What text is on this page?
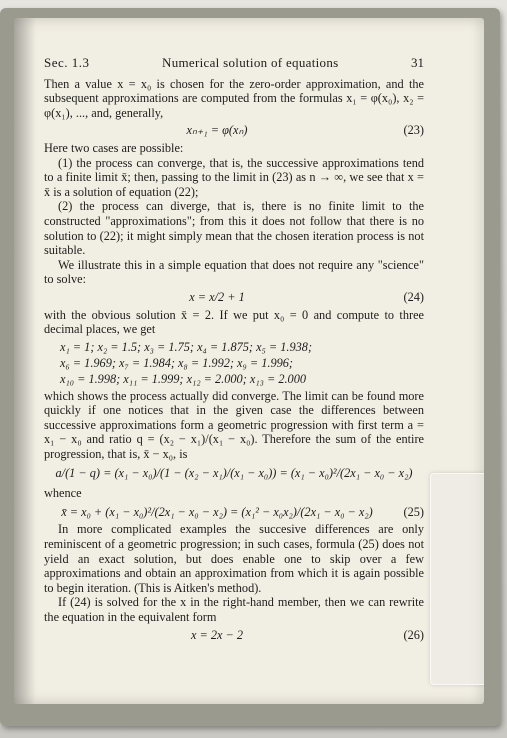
Sec. 1.3	Numerical solution of equations	31

Then a value x = x₀ is chosen for the zero-order approximation, and the subsequent approximations are computed from the formulas x₁ = φ(x₀), x₂ = φ(x₁), ..., and, generally,

xₙ₊₁ = φ(xₙ)	(23)

Here two cases are possible:

(1) the process can converge, that is, the successive approximations tend to a finite limit x̄; then, passing to the limit in (23) as n → ∞, we see that x = x̄ is a solution of equation (22);

(2) the process can diverge, that is, there is no finite limit to the constructed "approximations"; from this it does not follow that there is no solution to (22); it might simply mean that the chosen iteration process is not suitable.

We illustrate this in a simple equation that does not require any "science" to solve:

x = x/2 + 1	(24)

with the obvious solution x̄ = 2. If we put x₀ = 0 and compute to three decimal places, we get

x₁ = 1; x₂ = 1.5; x₃ = 1.75; x₄ = 1.875; x₅ = 1.938;
x₆ = 1.969; x₇ = 1.984; x₈ = 1.992; x₉ = 1.996;
x₁₀ = 1.998; x₁₁ = 1.999; x₁₂ = 2.000; x₁₃ = 2.000

which shows the process actually did converge. The limit can be found more quickly if one notices that in the given case the differences between successive approximations form a geometric progression with first term a = x₁ − x₀ and ratio q = (x₂ − x₁)/(x₁ − x₀). Therefore the sum of the entire progression, that is, x̄ − x₀, is

a/(1 − q) = (x₁ − x₀)/(1 − (x₂ − x₁)/(x₁ − x₀)) = (x₁ − x₀)²/(2x₁ − x₀ − x₂)
whence
x̄ = x₀ + (x₁ − x₀)²/(2x₁ − x₀ − x₂) = (x₁² − x₀x₂)/(2x₁ − x₀ − x₂)	(25)

In more complicated examples the succesive differences are only reminiscent of a geometric progression; in such cases, formula (25) does not yield an exact solution, but does enable one to skip over a few approximations and obtain an approximation from which it is again possible to begin iteration. (This is Aitken's method).

If (24) is solved for the x in the right-hand member, then we can rewrite the equation in the equivalent form

x = 2x − 2	(26)
